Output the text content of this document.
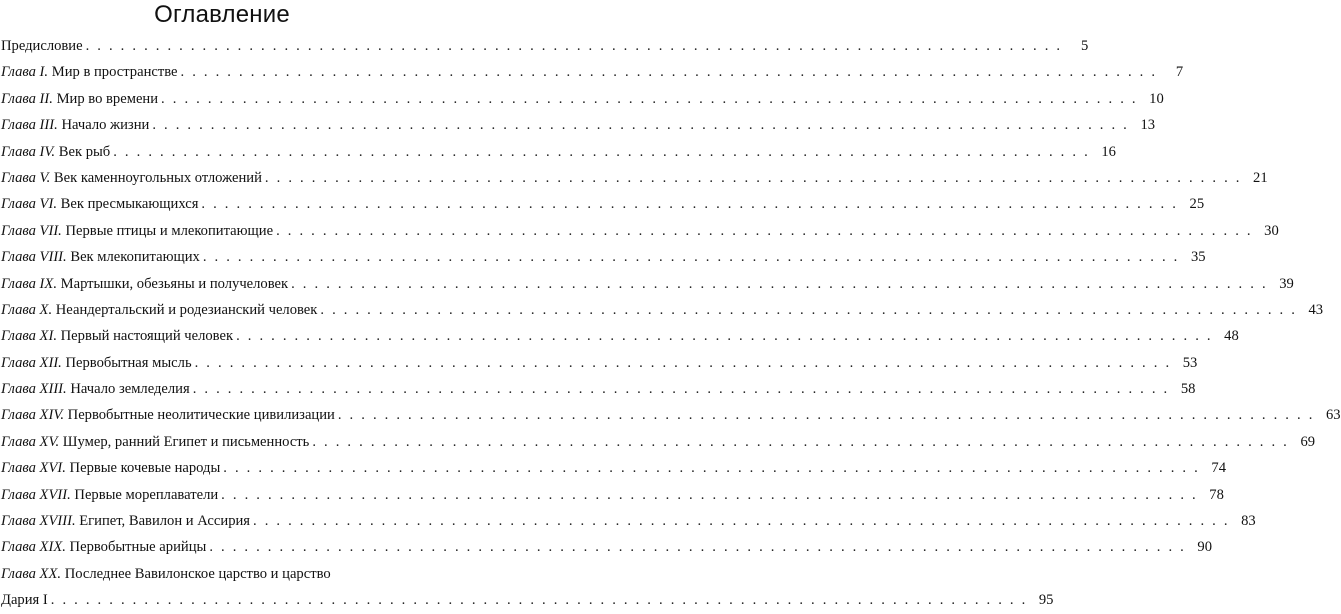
Оглавление
Предисловие . . . . . . . . . . . . . . . . . . . . . . . . . . . . . . . . . . . . . . . . . . . . . . . . . . . . . . . . . . . . . . . . . . . . . . . . . . . . . . . . . . . .	5
Глава I. Мир в пространстве . . . . . . . . . . . . . . . . . . . . . . . . . . . . . . . . . . . . . . . . . . . . . . . . . . . . . . . . . . . . . . . . . . . . . . . . . . . . . . . . . . . .	7
Глава II. Мир во времени . . . . . . . . . . . . . . . . . . . . . . . . . . . . . . . . . . . . . . . . . . . . . . . . . . . . . . . . . . . . . . . . . . . . . . . . . . . . . . . . . . . . 10
Глава III. Начало жизни . . . . . . . . . . . . . . . . . . . . . . . . . . . . . . . . . . . . . . . . . . . . . . . . . . . . . . . . . . . . . . . . . . . . . . . . . . . . . . . . . . . . 13
Глава IV. Век рыб . . . . . . . . . . . . . . . . . . . . . . . . . . . . . . . . . . . . . . . . . . . . . . . . . . . . . . . . . . . . . . . . . . . . . . . . . . . . . . . . . . . . 16
Глава V. Век каменноугольных отложений . . . . . . . . . . . . . . . . . . . . . . . . . . . . . . . . . . . . . . . . . . . . . . . . . . . . . . . . . . . . . . . . . . . . . . . . . . . . . . . . . . . . 21
Глава VI. Век пресмыкающихся . . . . . . . . . . . . . . . . . . . . . . . . . . . . . . . . . . . . . . . . . . . . . . . . . . . . . . . . . . . . . . . . . . . . . . . . . . . . . . . . . . . . 25
Глава VII. Первые птицы и млекопитающие . . . . . . . . . . . . . . . . . . . . . . . . . . . . . . . . . . . . . . . . . . . . . . . . . . . . . . . . . . . . . . . . . . . . . . . . . . . . . . . . . . . . 30
Глава VIII. Век млекопитающих . . . . . . . . . . . . . . . . . . . . . . . . . . . . . . . . . . . . . . . . . . . . . . . . . . . . . . . . . . . . . . . . . . . . . . . . . . . . . . . . . . . . 35
Глава IX. Мартышки, обезьяны и получеловек . . . . . . . . . . . . . . . . . . . . . . . . . . . . . . . . . . . . . . . . . . . . . . . . . . . . . . . . . . . . . . . . . . . . . . . . . . . . . . . . . . . . 39
Глава X. Неандертальский и родезианский человек . . . . . . . . . . . . . . . . . . . . . . . . . . . . . . . . . . . . . . . . . . . . . . . . . . . . . . . . . . . . . . . . . . . . . . . . . . . . . . . . . . . . 43
Глава XI. Первый настоящий человек . . . . . . . . . . . . . . . . . . . . . . . . . . . . . . . . . . . . . . . . . . . . . . . . . . . . . . . . . . . . . . . . . . . . . . . . . . . . . . . . . . . . 48
Глава XII. Первобытная мысль . . . . . . . . . . . . . . . . . . . . . . . . . . . . . . . . . . . . . . . . . . . . . . . . . . . . . . . . . . . . . . . . . . . . . . . . . . . . . . . . . . . . 53
Глава XIII. Начало земледелия . . . . . . . . . . . . . . . . . . . . . . . . . . . . . . . . . . . . . . . . . . . . . . . . . . . . . . . . . . . . . . . . . . . . . . . . . . . . . . . . . . . . 58
Глава XIV. Первобытные неолитические цивилизации . . . . . . . . . . . . . . . . . . . . . . . . . . . . . . . . . . . . . . . . . . . . . . . . . . . . . . . . . . . . . . . . . . . . . . . . . . . . . . . . . . . . 63
Глава XV. Шумер, ранний Египет и письменность . . . . . . . . . . . . . . . . . . . . . . . . . . . . . . . . . . . . . . . . . . . . . . . . . . . . . . . . . . . . . . . . . . . . . . . . . . . . . . . . . . . . 69
Глава XVI. Первые кочевые народы . . . . . . . . . . . . . . . . . . . . . . . . . . . . . . . . . . . . . . . . . . . . . . . . . . . . . . . . . . . . . . . . . . . . . . . . . . . . . . . . . . . . 74
Глава XVII. Первые мореплаватели . . . . . . . . . . . . . . . . . . . . . . . . . . . . . . . . . . . . . . . . . . . . . . . . . . . . . . . . . . . . . . . . . . . . . . . . . . . . . . . . . . . . 78
Глава XVIII. Египет, Вавилон и Ассирия . . . . . . . . . . . . . . . . . . . . . . . . . . . . . . . . . . . . . . . . . . . . . . . . . . . . . . . . . . . . . . . . . . . . . . . . . . . . . . . . . . . . 83
Глава XIX. Первобытные арийцы . . . . . . . . . . . . . . . . . . . . . . . . . . . . . . . . . . . . . . . . . . . . . . . . . . . . . . . . . . . . . . . . . . . . . . . . . . . . . . . . . . . . 90
Глава XX. Последнее Вавилонское царство и царство
Дария I . . . . . . . . . . . . . . . . . . . . . . . . . . . . . . . . . . . . . . . . . . . . . . . . . . . . . . . . . . . . . . . . . . . . . . . . . . . . . . . . . . . . 95
